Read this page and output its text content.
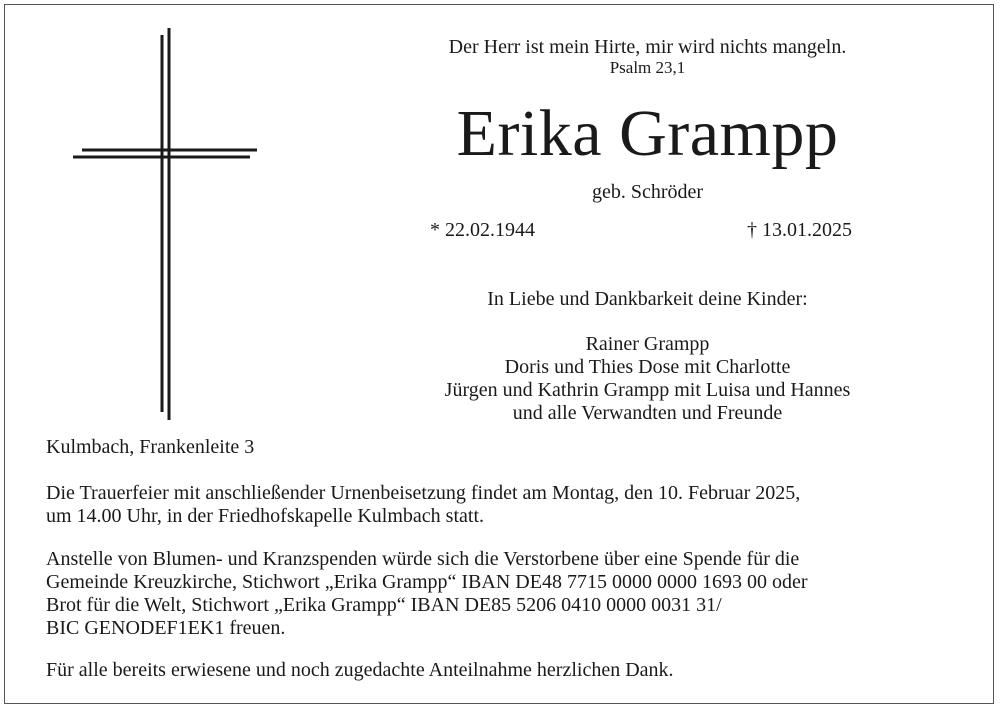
Der Herr ist mein Hirte, mir wird nichts mangeln.
Psalm 23,1
Erika Grampp
geb. Schröder
* 22.02.1944	† 13.01.2025
In Liebe und Dankbarkeit deine Kinder:
Rainer Grampp
Doris und Thies Dose mit Charlotte
Jürgen und Kathrin Grampp mit Luisa und Hannes
und alle Verwandten und Freunde
Kulmbach, Frankenleite 3
Die Trauerfeier mit anschließender Urnenbeisetzung findet am Montag, den 10. Februar 2025,
um 14.00 Uhr, in der Friedhofskapelle Kulmbach statt.
Anstelle von Blumen- und Kranzspenden würde sich die Verstorbene über eine Spende für die
Gemeinde Kreuzkirche, Stichwort „Erika Grampp“ IBAN DE48 7715 0000 0000 1693 00 oder
Brot für die Welt, Stichwort „Erika Grampp“ IBAN DE85 5206 0410 0000 0031 31/
BIC GENODEF1EK1 freuen.
Für alle bereits erwiesene und noch zugedachte Anteilnahme herzlichen Dank.
